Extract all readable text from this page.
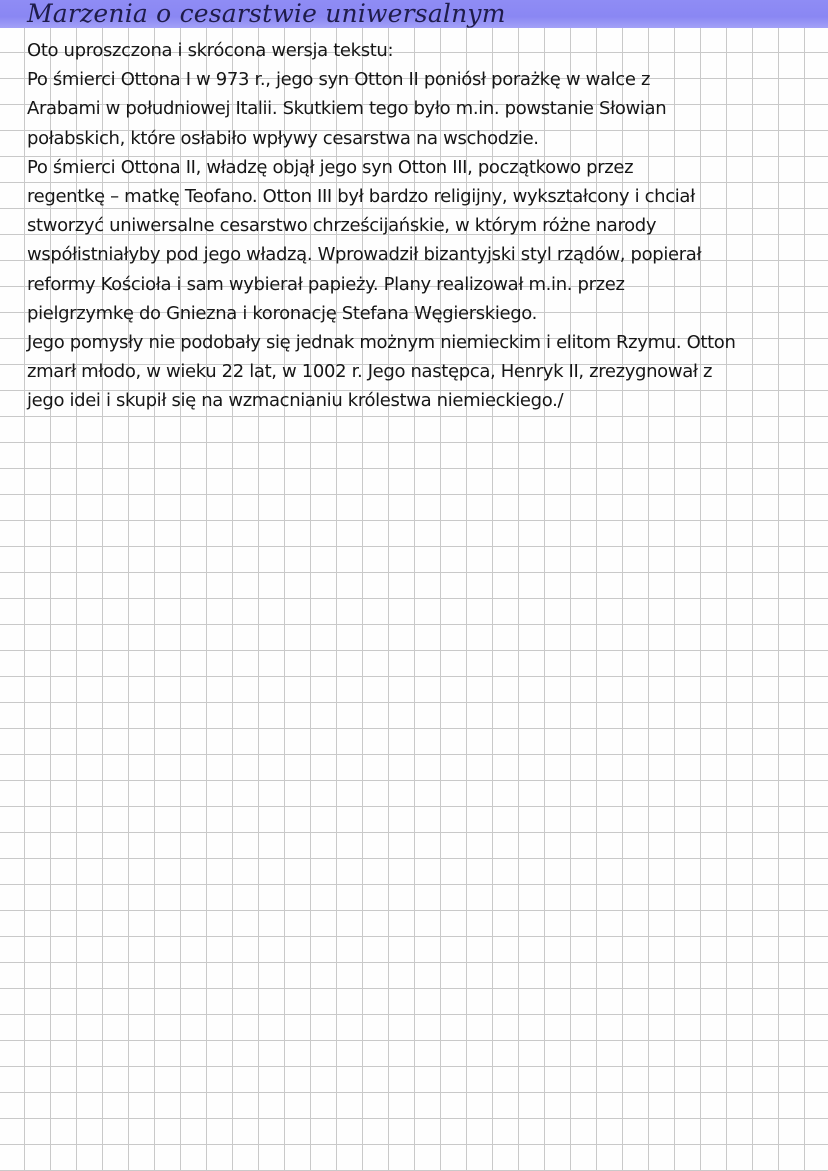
Marzenia o cesarstwie uniwersalnym
Oto uproszczona i skrócona wersja tekstu:
Po śmierci Ottona I w 973 r., jego syn Otton II poniósł porażkę w walce z
Arabami w południowej Italii. Skutkiem tego było m.in. powstanie Słowian
połabskich, które osłabiło wpływy cesarstwa na wschodzie.
Po śmierci Ottona II, władzę objął jego syn Otton III, początkowo przez
regentkę – matkę Teofano. Otton III był bardzo religijny, wykształcony i chciał
stworzyć uniwersalne cesarstwo chrześcijańskie, w którym różne narody
współistniałyby pod jego władzą. Wprowadził bizantyjski styl rządów, popierał
reformy Kościoła i sam wybierał papieży. Plany realizował m.in. przez
pielgrzymkę do Gniezna i koronację Stefana Węgierskiego.
Jego pomysły nie podobały się jednak możnym niemieckim i elitom Rzymu. Otton
zmarł młodo, w wieku 22 lat, w 1002 r. Jego następca, Henryk II, zrezygnował z
jego idei i skupił się na wzmacnianiu królestwa niemieckiego./
